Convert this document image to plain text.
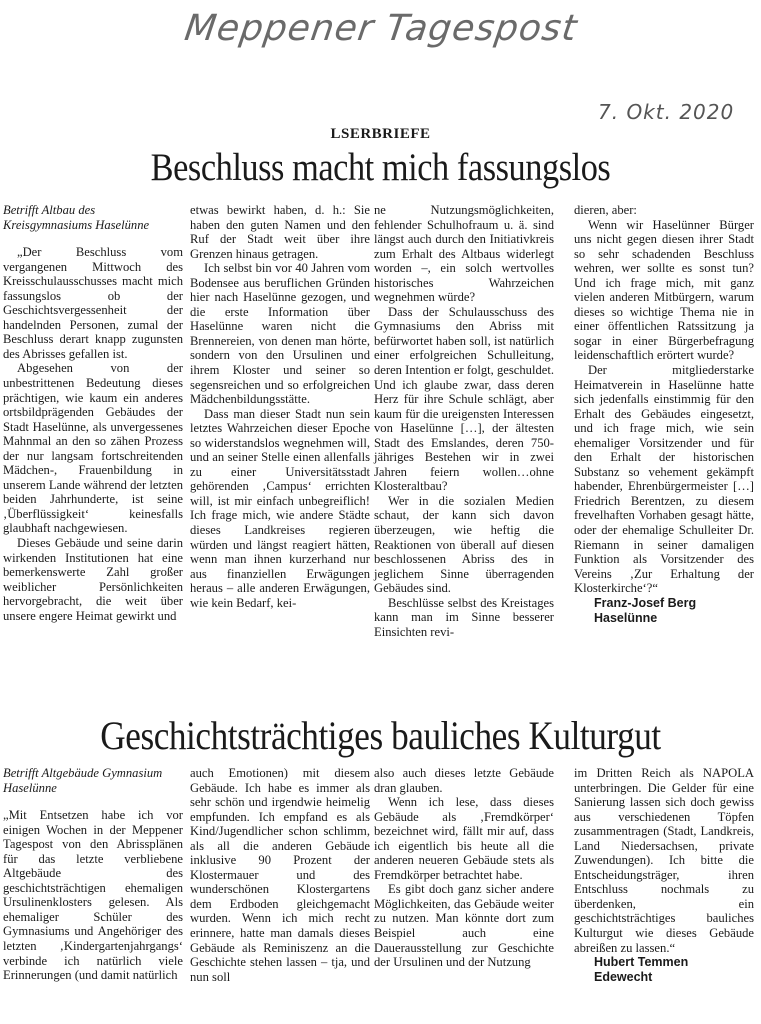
Meppener Tagespost
7. Okt. 2020
LSERBRIEFE
Beschluss macht mich fassungslos

Betrifft Altbau des Kreisgymnasiums Haselünne

„Der Beschluss vom vergangenen Mittwoch des Kreisschulausschusses macht mich fassungslos ob der Geschichtsvergessenheit der handelnden Personen, zumal der Beschluss derart knapp zugunsten des Abrisses gefallen ist.

Abgesehen von der unbestrittenen Bedeutung dieses prächtigen, wie kaum ein anderes ortsbildprägenden Gebäudes der Stadt Haselünne, als unvergessenes Mahnmal an den so zähen Prozess der nur langsam fortschreitenden Mädchen-, Frauenbildung in unserem Lande während der letzten beiden Jahrhunderte, ist seine ‚Überflüssigkeit‘ keinesfalls glaubhaft nachgewiesen.

Dieses Gebäude und seine darin wirkenden Institutionen hat eine bemerkenswerte Zahl großer weiblicher Persönlichkeiten hervorgebracht, die weit über unsere engere Heimat gewirkt und

etwas bewirkt haben, d. h.: Sie haben den guten Namen und den Ruf der Stadt weit über ihre Grenzen hinaus getragen.

Ich selbst bin vor 40 Jahren vom Bodensee aus beruflichen Gründen hier nach Haselünne gezogen, und die erste Information über Haselünne waren nicht die Brennereien, von denen man hörte, sondern von den Ursulinen und ihrem Kloster und seiner so segensreichen und so erfolgreichen Mädchenbildungsstätte.

Dass man dieser Stadt nun sein letztes Wahrzeichen dieser Epoche so widerstandslos wegnehmen will, und an seiner Stelle einen allenfalls zu einer Universitätsstadt gehörenden ‚Campus‘ errichten will, ist mir einfach unbegreiflich! Ich frage mich, wie andere Städte dieses Landkreises regieren würden und längst reagiert hätten, wenn man ihnen kurzerhand nur aus finanziellen Erwägungen heraus – alle anderen Erwägungen, wie kein Bedarf, kei-

ne Nutzungsmöglichkeiten, fehlender Schulhofraum u. ä. sind längst auch durch den Initiativkreis zum Erhalt des Altbaus widerlegt worden –, ein solch wertvolles historisches Wahrzeichen wegnehmen würde?

Dass der Schulausschuss des Gymnasiums den Abriss mit befürwortet haben soll, ist natürlich einer erfolgreichen Schulleitung, deren Intention er folgt, geschuldet. Und ich glaube zwar, dass deren Herz für ihre Schule schlägt, aber kaum für die ureigensten Interessen von Haselünne […], der ältesten Stadt des Emslandes, deren 750-jähriges Bestehen wir in zwei Jahren feiern wollen…ohne Klosteraltbau?

Wer in die sozialen Medien schaut, der kann sich davon überzeugen, wie heftig die Reaktionen von überall auf diesen beschlossenen Abriss des in jeglichem Sinne überragenden Gebäudes sind.

Beschlüsse selbst des Kreistages kann man im Sinne besserer Einsichten revi-

dieren, aber:

Wenn wir Haselünner Bürger uns nicht gegen diesen ihrer Stadt so sehr schadenden Beschluss wehren, wer sollte es sonst tun? Und ich frage mich, mit ganz vielen anderen Mitbürgern, warum dieses so wichtige Thema nie in einer öffentlichen Ratssitzung ja sogar in einer Bürgerbefragung leidenschaftlich erörtert wurde?

Der mitgliederstarke Heimatverein in Haselünne hatte sich jedenfalls einstimmig für den Erhalt des Gebäudes eingesetzt, und ich frage mich, wie sein ehemaliger Vorsitzender und für den Erhalt der historischen Substanz so vehement gekämpft habender, Ehrenbürgermeister […] Friedrich Berentzen, zu diesem frevelhaften Vorhaben gesagt hätte, oder der ehemalige Schulleiter Dr. Riemann in seiner damaligen Funktion als Vorsitzender des Vereins ‚Zur Erhaltung der Klosterkirche‘?“

Franz-Josef Berg
Haselünne
Geschichtsträchtiges bauliches Kulturgut

Betrifft Altgebäude Gymnasium Haselünne

„Mit Entsetzen habe ich vor einigen Wochen in der Meppener Tagespost von den Abrissplänen für das letzte verbliebene Altgebäude des geschichtsträchtigen ehemaligen Ursulinenklosters gelesen. Als ehemaliger Schüler des Gymnasiums und Angehöriger des letzten ‚Kindergartenjahrgangs‘ verbinde ich natürlich viele Erinnerungen (und damit natürlich

auch Emotionen) mit diesem Gebäude. Ich habe es immer als sehr schön und irgendwie heimelig empfunden. Ich empfand es als Kind/Jugendlicher schon schlimm, als all die anderen Gebäude inklusive 90 Prozent der Klostermauer und des wunderschönen Klostergartens dem Erdboden gleichgemacht wurden. Wenn ich mich recht erinnere, hatte man damals dieses Gebäude als Reminiszenz an die Geschichte stehen lassen – tja, und nun soll

also auch dieses letzte Gebäude dran glauben.

Wenn ich lese, dass dieses Gebäude als ‚Fremdkörper‘ bezeichnet wird, fällt mir auf, dass ich eigentlich bis heute all die anderen neueren Gebäude stets als Fremdkörper betrachtet habe.

Es gibt doch ganz sicher andere Möglichkeiten, das Gebäude weiter zu nutzen. Man könnte dort zum Beispiel auch eine Dauerausstellung zur Geschichte der Ursulinen und der Nutzung

im Dritten Reich als NAPOLA unterbringen. Die Gelder für eine Sanierung lassen sich doch gewiss aus verschiedenen Töpfen zusammentragen (Stadt, Landkreis, Land Niedersachsen, private Zuwendungen). Ich bitte die Entscheidungsträger, ihren Entschluss nochmals zu überdenken, ein geschichtsträchtiges bauliches Kulturgut wie dieses Gebäude abreißen zu lassen.“

Hubert Temmen
Edewecht
